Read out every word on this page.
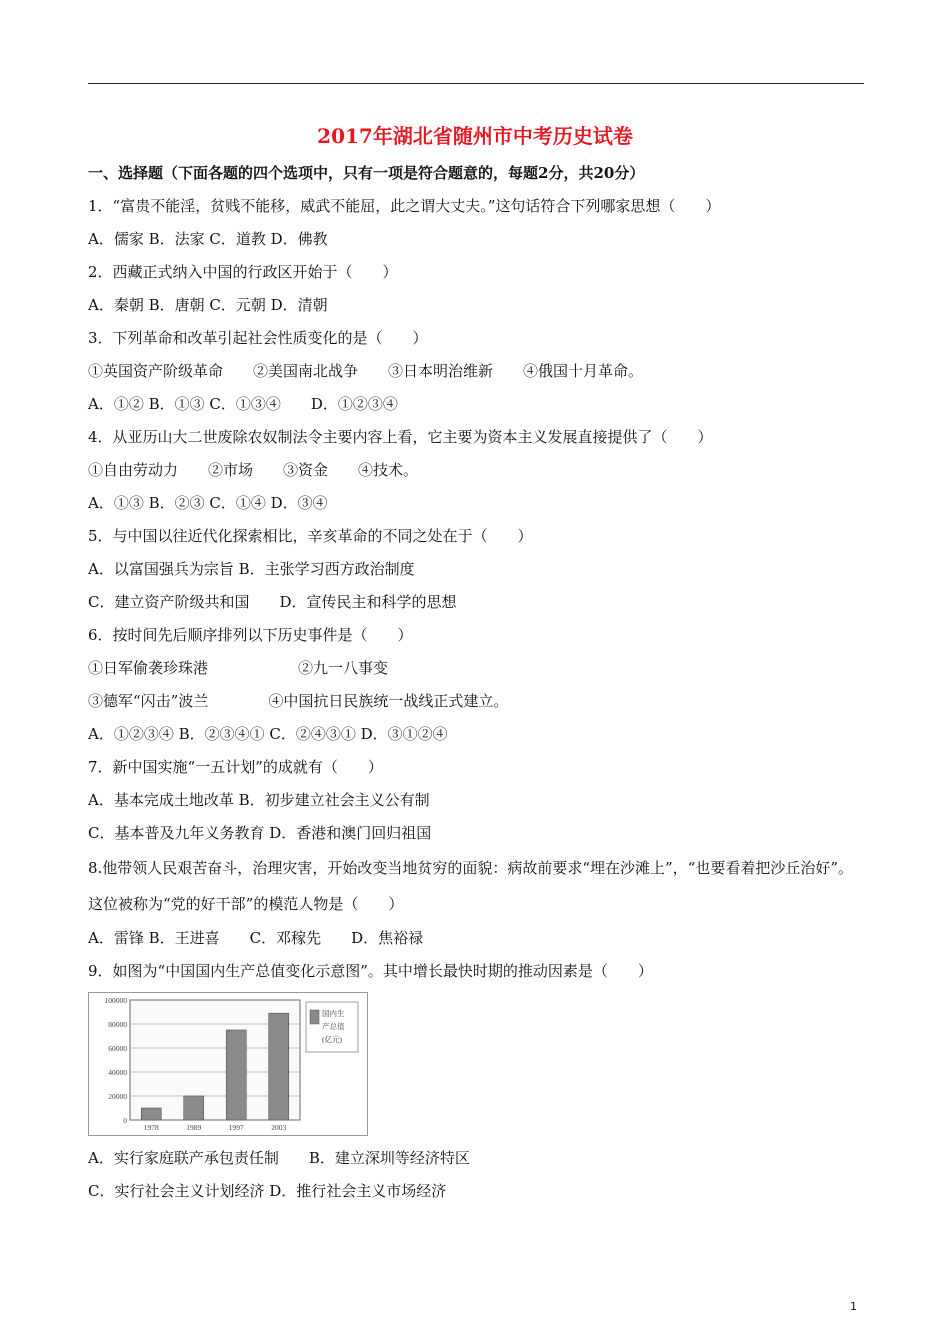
2017年湖北省随州市中考历史试卷
一、选择题（下面各题的四个选项中，只有一项是符合题意的，每题2分，共20分）
1．“富贵不能淫，贫贱不能移，威武不能屈，此之谓大丈夫。”这句话符合下列哪家思想（　　）
A．儒家 B．法家 C．道教 D．佛教
2．西藏正式纳入中国的行政区开始于（　　）
A．秦朝 B．唐朝 C．元朝 D．清朝
3．下列革命和改革引起社会性质变化的是（　　）
①英国资产阶级革命　　②美国南北战争　　③日本明治维新　　④俄国十月革命。
A．①② B．①③ C．①③④　　D．①②③④
4．从亚历山大二世废除农奴制法令主要内容上看，它主要为资本主义发展直接提供了（　　）
①自由劳动力　　②市场　　③资金　　④技术。
A．①③ B．②③ C．①④ D．③④
5．与中国以往近代化探索相比，辛亥革命的不同之处在于（　　）
A．以富国强兵为宗旨 B．主张学习西方政治制度
C．建立资产阶级共和国　　D．宣传民主和科学的思想
6．按时间先后顺序排列以下历史事件是（　　）
①日军偷袭珍珠港　　　　　　②九一八事变
③德军“闪击”波兰　　　　④中国抗日民族统一战线正式建立。
A．①②③④ B．②③④① C．②④③① D．③①②④
7．新中国实施“一五计划”的成就有（　　）
A．基本完成土地改革 B．初步建立社会主义公有制
C．基本普及九年义务教育 D．香港和澳门回归祖国
8.他带领人民艰苦奋斗，治理灾害，开始改变当地贫穷的面貌：病故前要求“埋在沙滩上”，“也要看着把沙丘治好”。这位被称为“党的好干部”的模范人物是（　　）
A．雷锋 B．王进喜　　C．邓稼先　　D．焦裕禄
9．如图为“中国国内生产总值变化示意图”。其中增长最快时期的推动因素是（　　）
100000
80000
60000
40000
20000
0
1978	1989	1997	2003
国内生
产总值
(亿元)
A．实行家庭联产承包责任制　　B．建立深圳等经济特区
C．实行社会主义计划经济 D．推行社会主义市场经济
1
